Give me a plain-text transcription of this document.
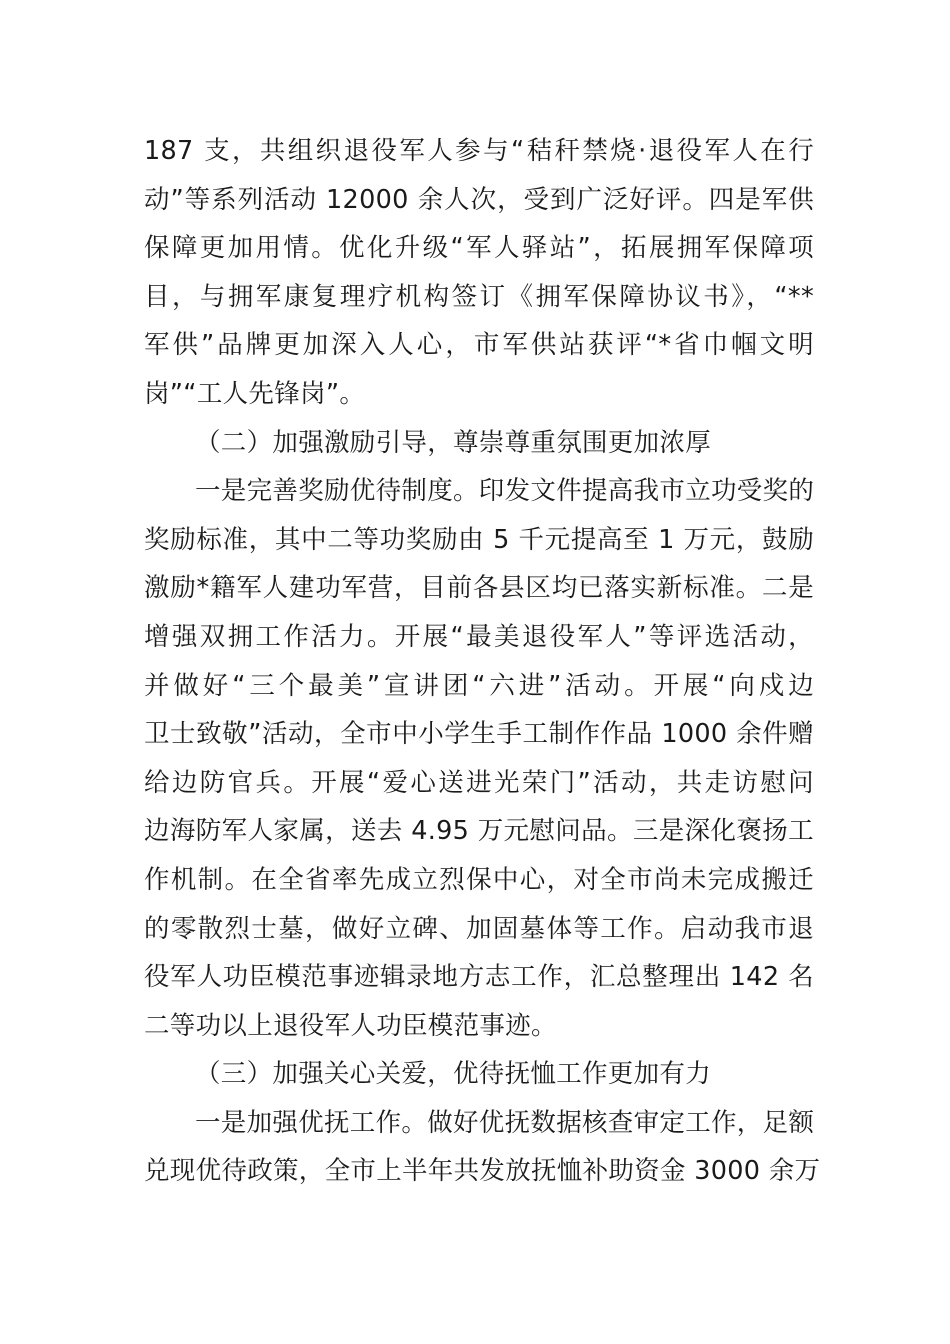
187 支，共组织退役军人参与“秸秆禁烧·退役军人在行
动”等系列活动 12000 余人次，受到广泛好评。四是军供
保障更加用情。优化升级“军人驿站”，拓展拥军保障项
目，与拥军康复理疗机构签订《拥军保障协议书》，“**
军供”品牌更加深入人心，市军供站获评“*省巾帼文明
岗”“工人先锋岗”。
（二）加强激励引导，尊崇尊重氛围更加浓厚
一是完善奖励优待制度。印发文件提高我市立功受奖的
奖励标准，其中二等功奖励由 5 千元提高至 1 万元，鼓励
激励*籍军人建功军营，目前各县区均已落实新标准。二是
增强双拥工作活力。开展“最美退役军人”等评选活动，
并做好“三个最美”宣讲团“六进”活动。开展“向戍边
卫士致敬”活动，全市中小学生手工制作作品 1000 余件赠
给边防官兵。开展“爱心送进光荣门”活动，共走访慰问
边海防军人家属，送去 4.95 万元慰问品。三是深化褒扬工
作机制。在全省率先成立烈保中心，对全市尚未完成搬迁
的零散烈士墓，做好立碑、加固墓体等工作。启动我市退
役军人功臣模范事迹辑录地方志工作，汇总整理出 142 名
二等功以上退役军人功臣模范事迹。
（三）加强关心关爱，优待抚恤工作更加有力
一是加强优抚工作。做好优抚数据核查审定工作，足额
兑现优待政策，全市上半年共发放抚恤补助资金 3000 余万
